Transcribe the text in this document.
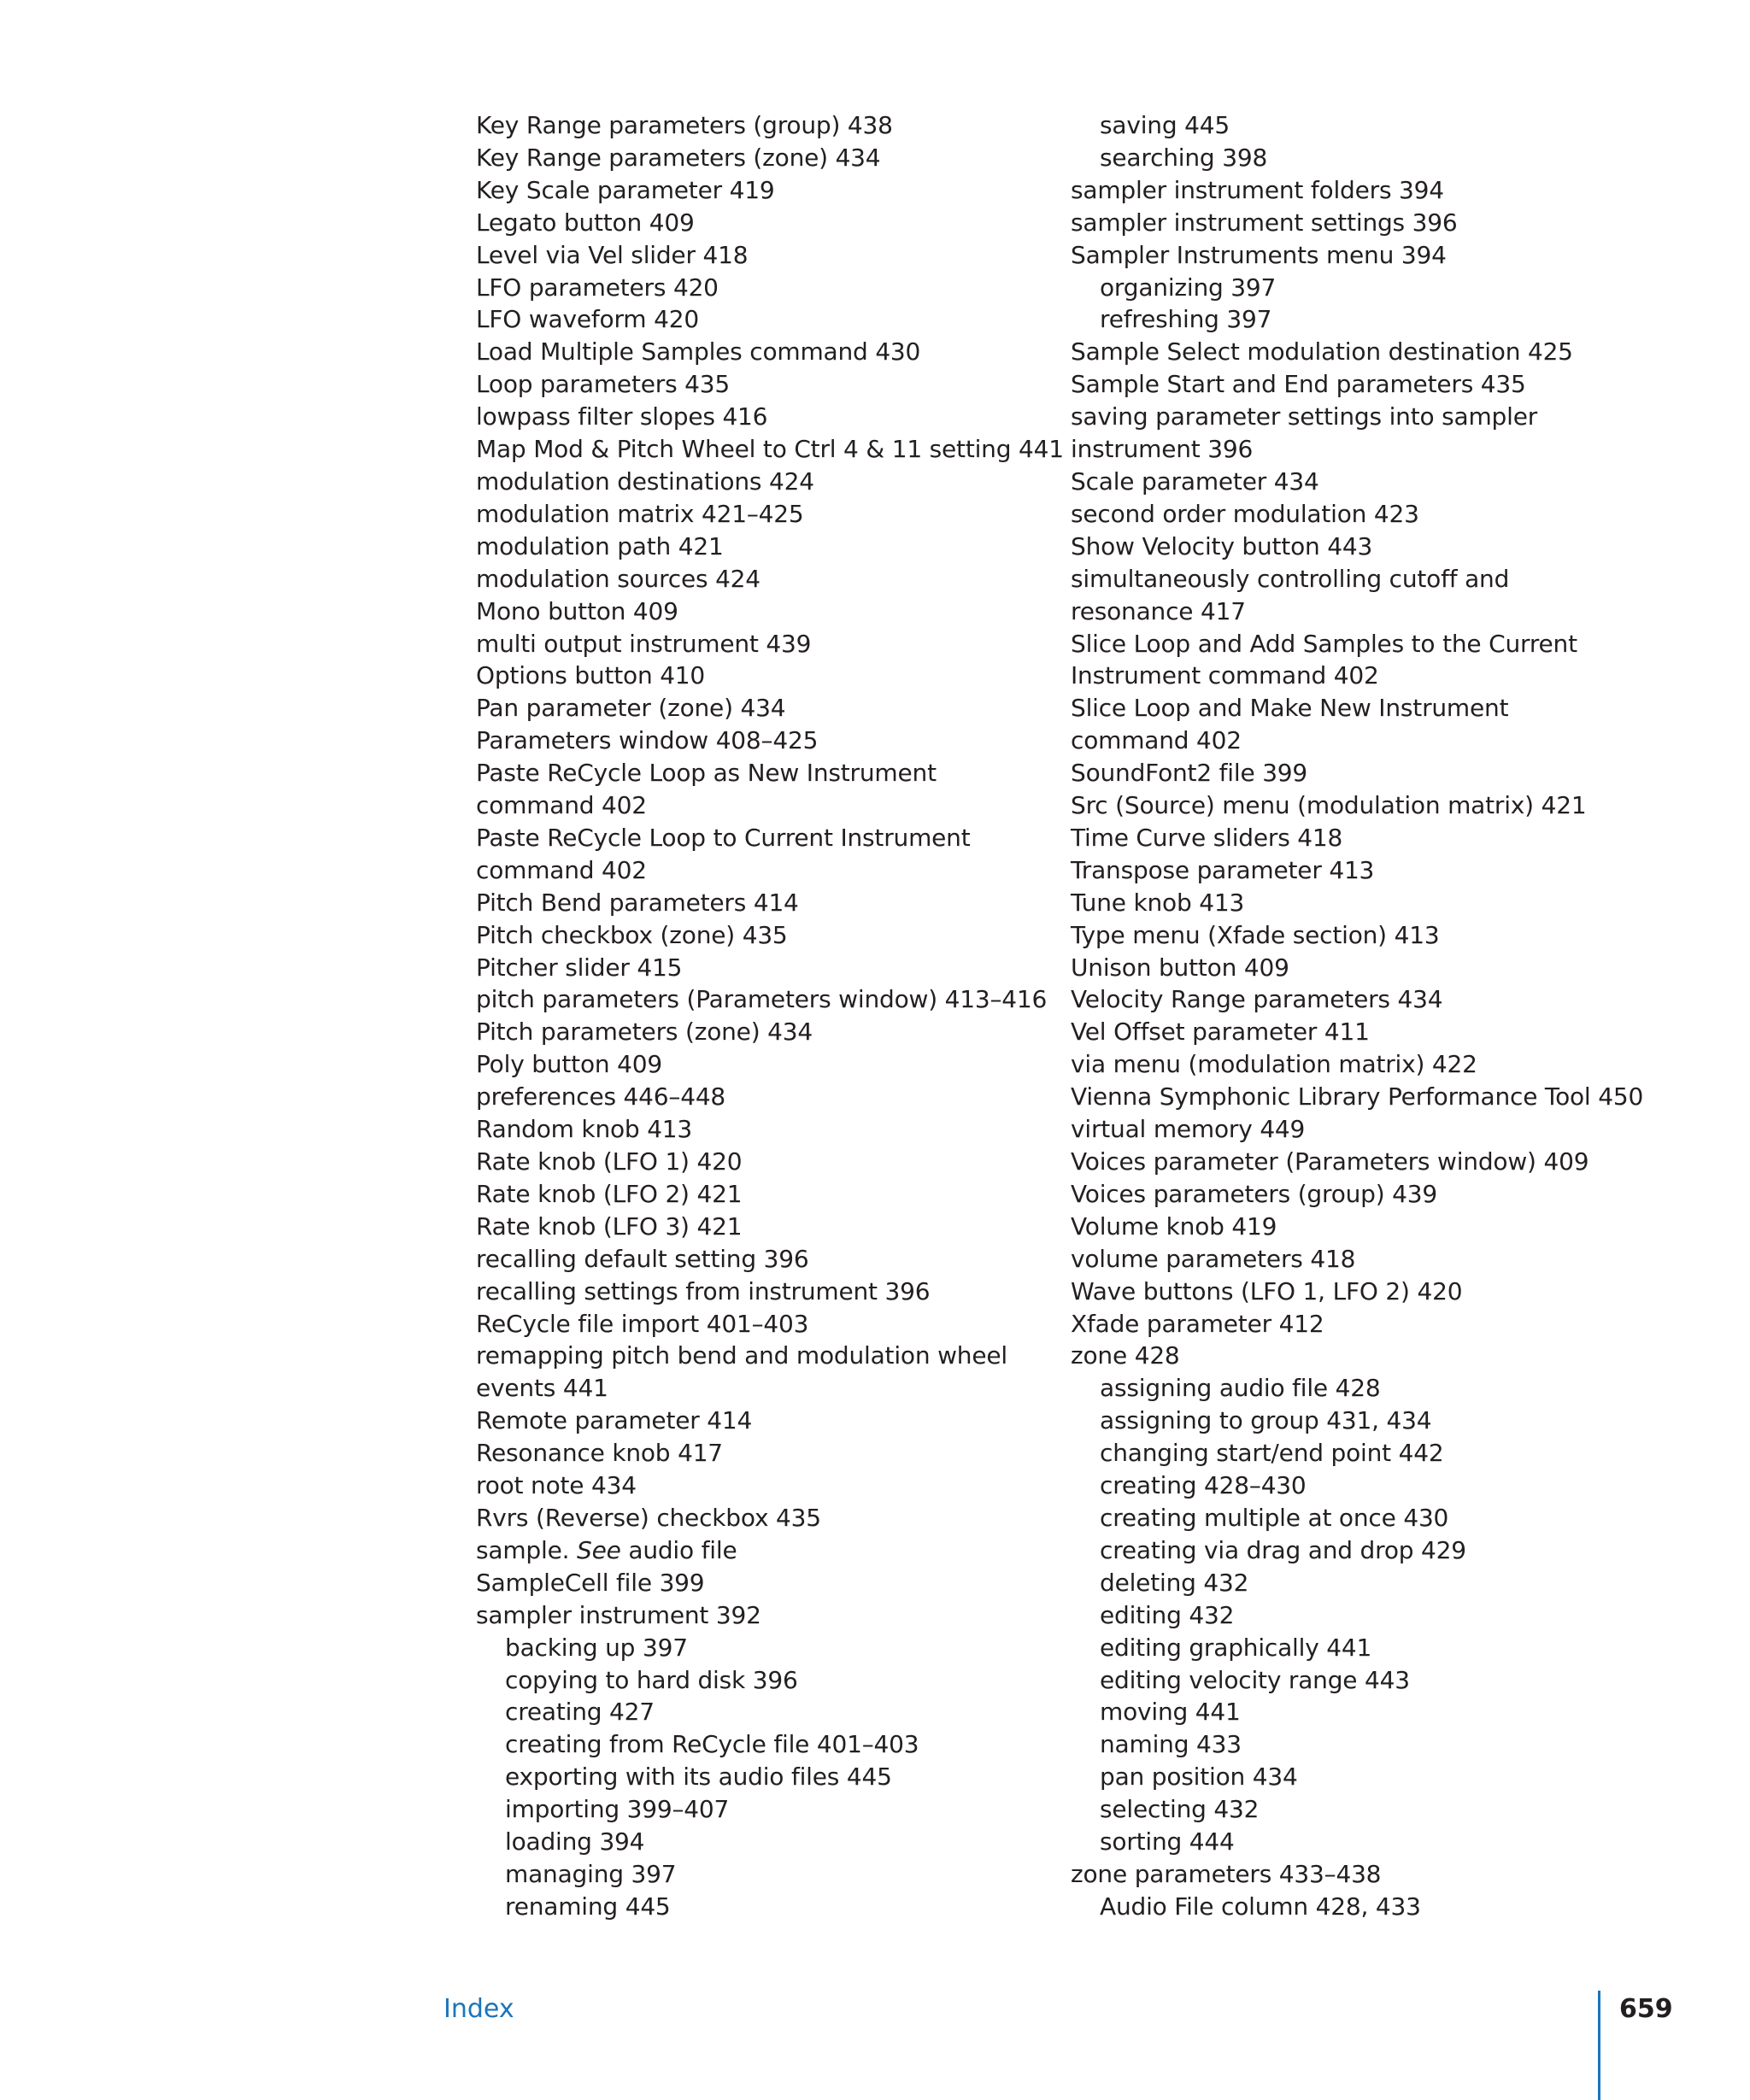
Key Range parameters (group) 438
Key Range parameters (zone) 434
Key Scale parameter 419
Legato button 409
Level via Vel slider 418
LFO parameters 420
LFO waveform 420
Load Multiple Samples command 430
Loop parameters 435
lowpass filter slopes 416
Map Mod & Pitch Wheel to Ctrl 4 & 11 setting 441
modulation destinations 424
modulation matrix 421–425
modulation path 421
modulation sources 424
Mono button 409
multi output instrument 439
Options button 410
Pan parameter (zone) 434
Parameters window 408–425
Paste ReCycle Loop as New Instrument
command 402
Paste ReCycle Loop to Current Instrument
command 402
Pitch Bend parameters 414
Pitch checkbox (zone) 435
Pitcher slider 415
pitch parameters (Parameters window) 413–416
Pitch parameters (zone) 434
Poly button 409
preferences 446–448
Random knob 413
Rate knob (LFO 1) 420
Rate knob (LFO 2) 421
Rate knob (LFO 3) 421
recalling default setting 396
recalling settings from instrument 396
ReCycle file import 401–403
remapping pitch bend and modulation wheel
events 441
Remote parameter 414
Resonance knob 417
root note 434
Rvrs (Reverse) checkbox 435
sample. See audio file
SampleCell file 399
sampler instrument 392
backing up 397
copying to hard disk 396
creating 427
creating from ReCycle file 401–403
exporting with its audio files 445
importing 399–407
loading 394
managing 397
renaming 445
saving 445
searching 398
sampler instrument folders 394
sampler instrument settings 396
Sampler Instruments menu 394
organizing 397
refreshing 397
Sample Select modulation destination 425
Sample Start and End parameters 435
saving parameter settings into sampler
instrument 396
Scale parameter 434
second order modulation 423
Show Velocity button 443
simultaneously controlling cutoff and
resonance 417
Slice Loop and Add Samples to the Current
Instrument command 402
Slice Loop and Make New Instrument
command 402
SoundFont2 file 399
Src (Source) menu (modulation matrix) 421
Time Curve sliders 418
Transpose parameter 413
Tune knob 413
Type menu (Xfade section) 413
Unison button 409
Velocity Range parameters 434
Vel Offset parameter 411
via menu (modulation matrix) 422
Vienna Symphonic Library Performance Tool 450
virtual memory 449
Voices parameter (Parameters window) 409
Voices parameters (group) 439
Volume knob 419
volume parameters 418
Wave buttons (LFO 1, LFO 2) 420
Xfade parameter 412
zone 428
assigning audio file 428
assigning to group 431, 434
changing start/end point 442
creating 428–430
creating multiple at once 430
creating via drag and drop 429
deleting 432
editing 432
editing graphically 441
editing velocity range 443
moving 441
naming 433
pan position 434
selecting 432
sorting 444
zone parameters 433–438
Audio File column 428, 433
Index	659
